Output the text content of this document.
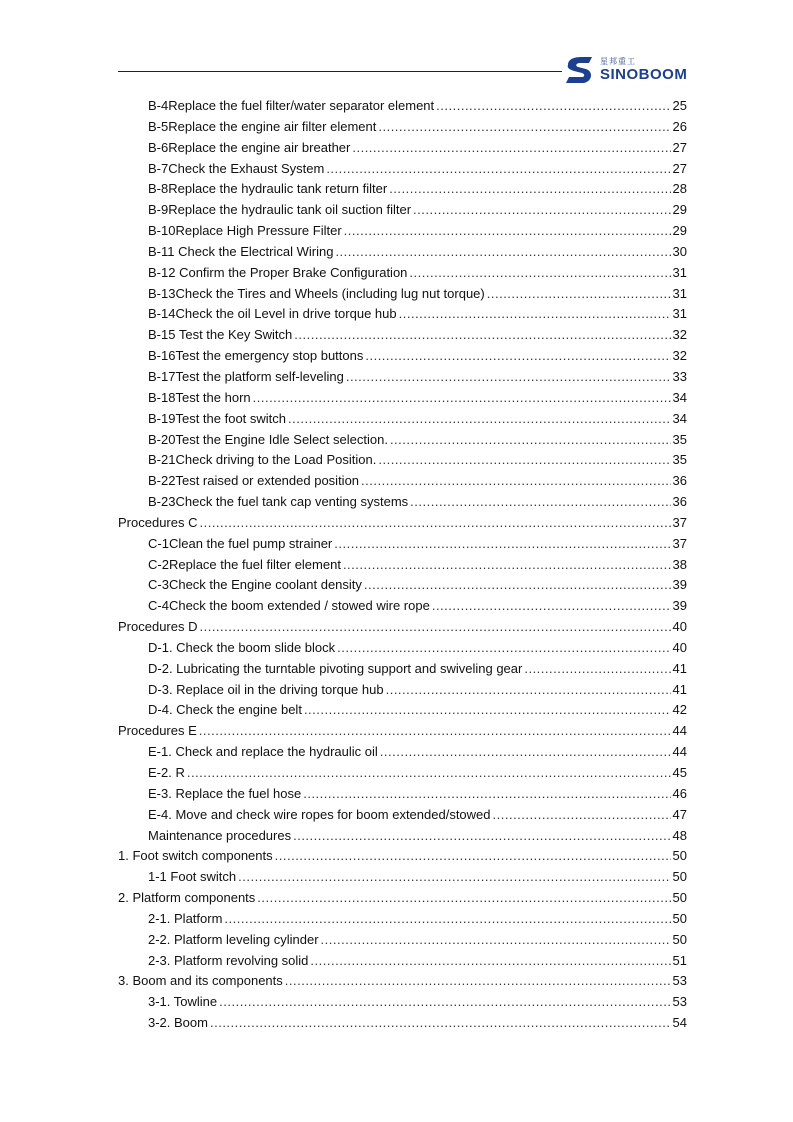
星邦重工
SINOBOOM
B-4 Replace the fuel filter/water separator element .....	25
B-5 Replace the engine air filter element .....	26
B-6 Replace the engine air breather .....	27
B-7 Check the Exhaust System .....	27
B-8 Replace the hydraulic tank return filter .....	28
B-9 Replace the hydraulic tank oil suction filter .....	29
B-10 Replace High Pressure Filter .....	29
B-11 Check the Electrical Wiring .....	30
B-12 Confirm the Proper Brake Configuration .....	31
B-13 Check the Tires and Wheels (including lug nut torque) .....	31
B-14 Check the oil Level in drive torque hub .....	31
B-15 Test the Key Switch .....	32
B-16 Test the emergency stop buttons .....	32
B-17 Test the platform self-leveling .....	33
B-18 Test the horn .....	34
B-19 Test the foot switch .....	34
B-20 Test the Engine Idle Select selection. .....	35
B-21 Check driving to the Load Position. .....	35
B-22 Test raised or extended position .....	36
B-23 Check the fuel tank cap venting systems .....	36
Procedures C .....	37
C-1 Clean the fuel pump strainer .....	37
C-2 Replace the fuel filter element .....	38
C-3 Check the Engine coolant density .....	39
C-4 Check the boom extended / stowed wire rope .....	39
Procedures D .....	40
D-1. Check the boom slide block .....	40
D-2. Lubricating the turntable pivoting support and swiveling gear .....	41
D-3. Replace oil in the driving torque hub .....	41
D-4. Check the engine belt .....	42
Procedures E .....	44
E-1. Check and replace the hydraulic oil .....	44
E-2. R .....	45
E-3. Replace the fuel hose .....	46
E-4. Move and check wire ropes for boom extended/stowed .....	47
Maintenance procedures .....	48
1. Foot switch components .....	50
1-1 Foot switch .....	50
2. Platform components .....	50
2-1. Platform .....	50
2-2. Platform leveling cylinder .....	50
2-3. Platform revolving solid .....	51
3. Boom and its components .....	53
3-1. Towline .....	53
3-2. Boom .....	54
